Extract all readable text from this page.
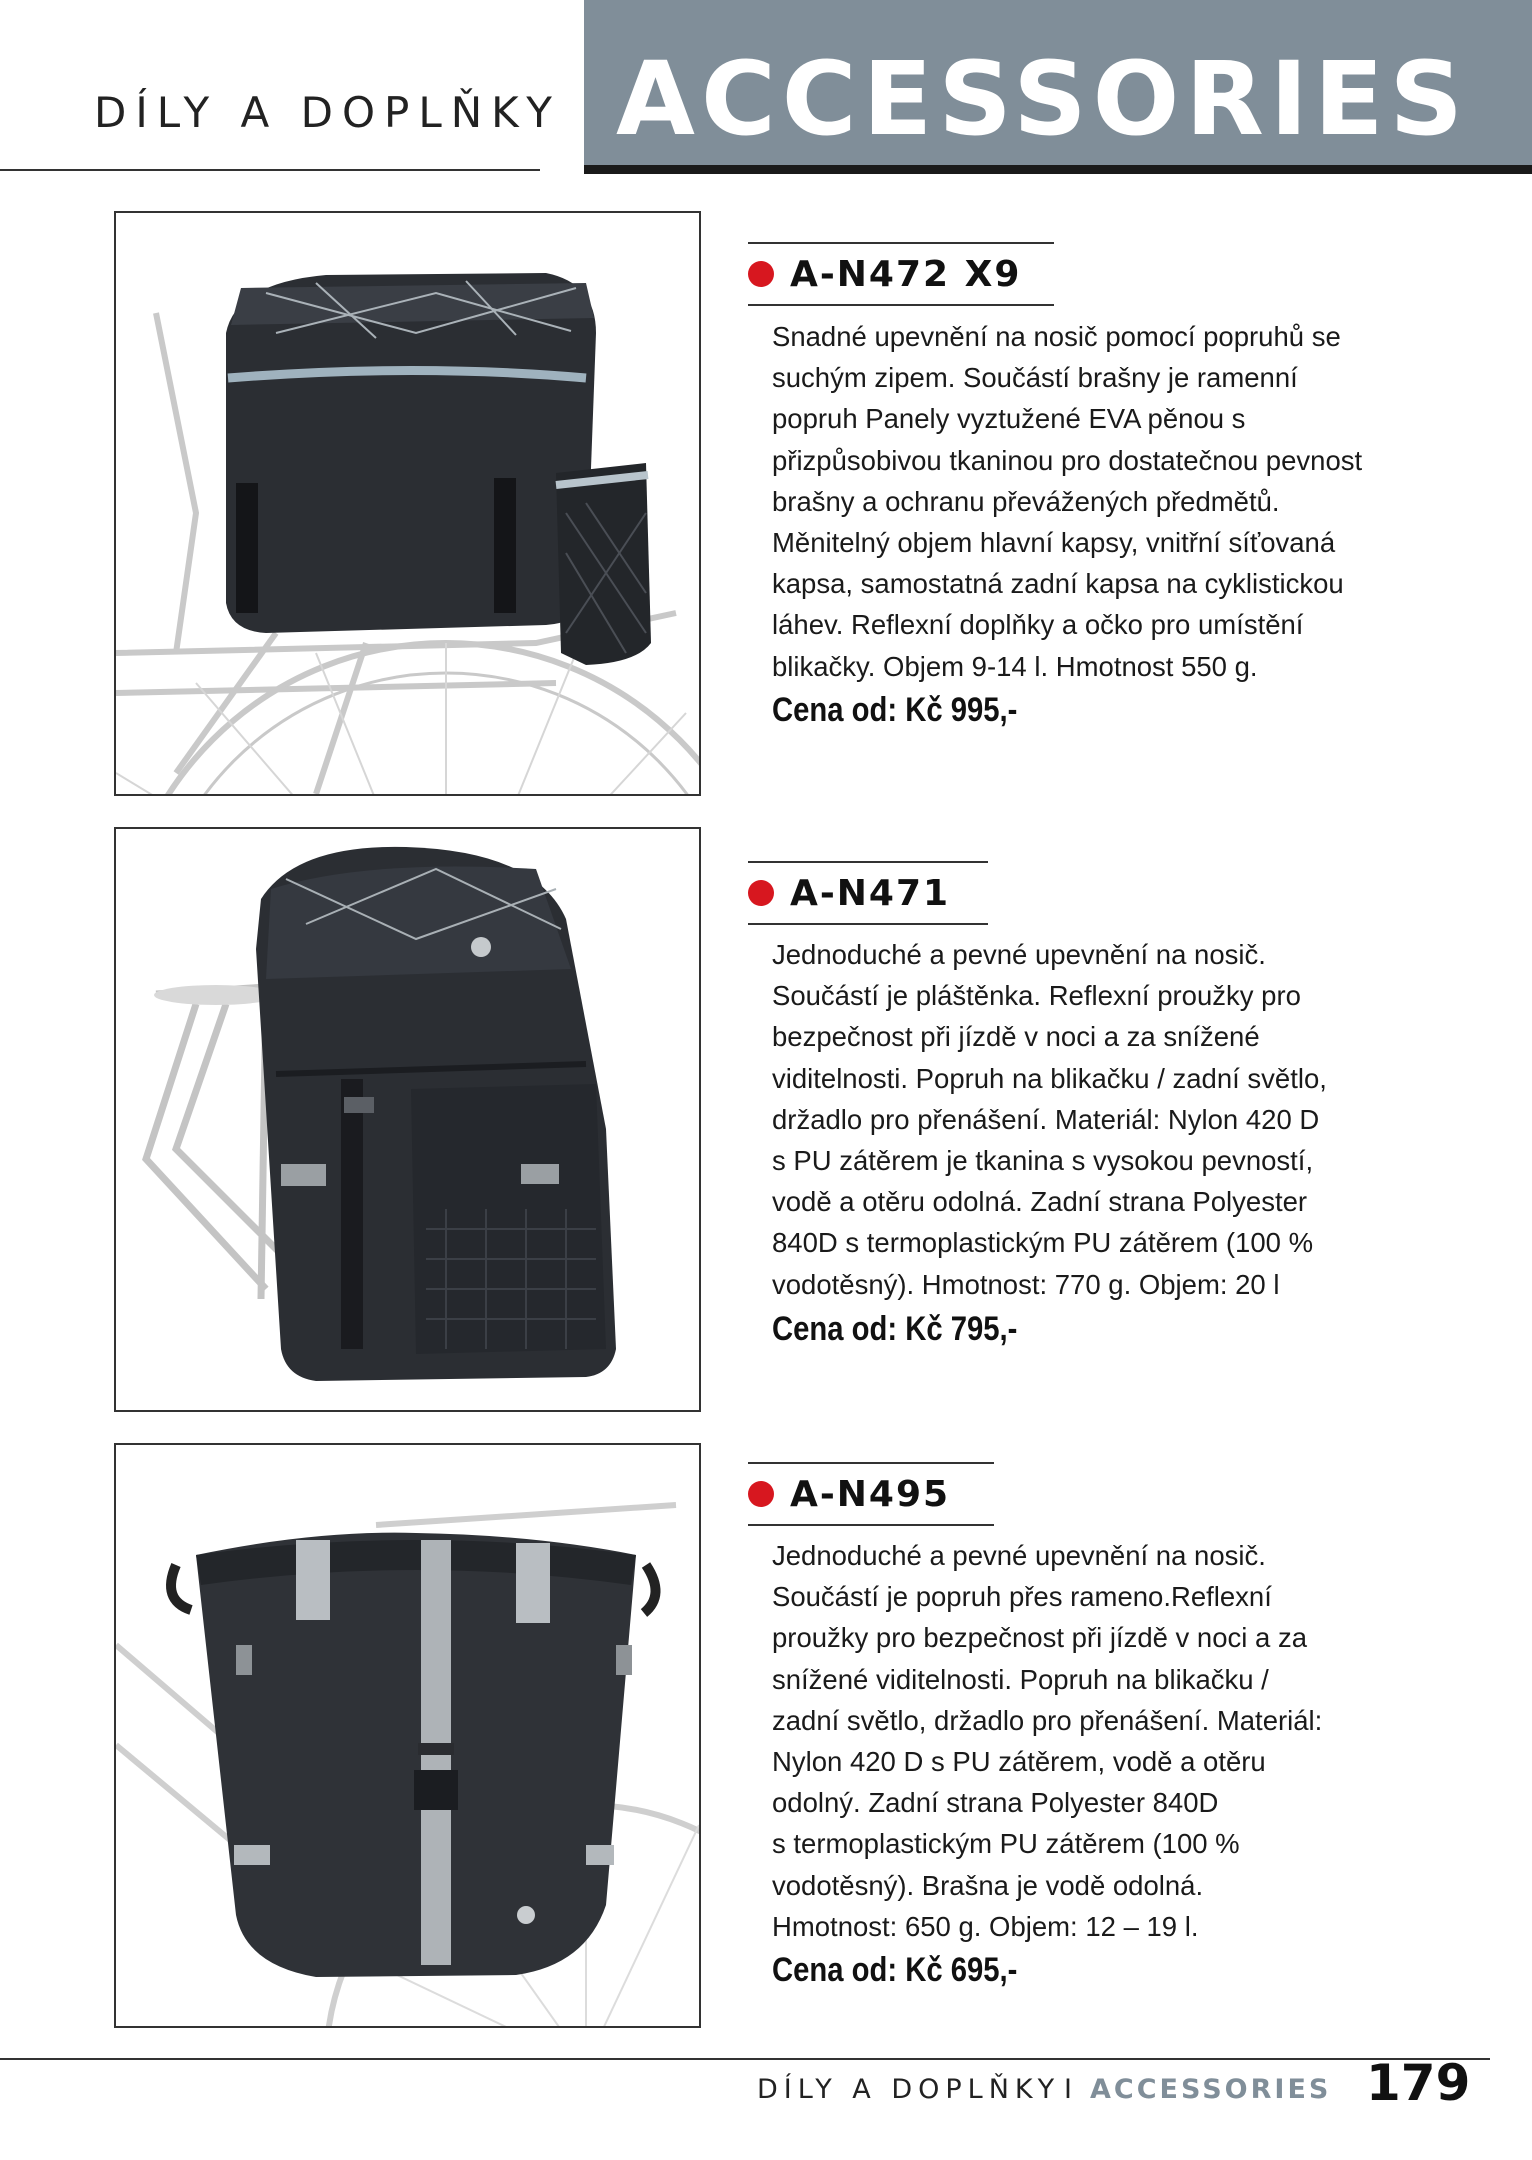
DÍLY A DOPLŇKY ACCESSORIES
A-N472 X9

Snadné upevnění na nosič pomocí popruhů se
suchým zipem. Součástí brašny je ramenní
popruh Panely vyztužené EVA pěnou s
přizpůsobivou tkaninou pro dostatečnou pevnost
brašny a ochranu převážených předmětů.
Měnitelný objem hlavní kapsy, vnitřní síťovaná
kapsa, samostatná zadní kapsa na cyklistickou
láhev. Reflexní doplňky a očko pro umístění
blikačky. Objem 9-14 l. Hmotnost 550 g.

Cena od: Kč 995,-
A-N471

Jednoduché a pevné upevnění na nosič.
Součástí je pláštěnka. Reflexní proužky pro
bezpečnost při jízdě v noci a za snížené
viditelnosti. Popruh na blikačku / zadní světlo,
držadlo pro přenášení. Materiál: Nylon 420 D
s PU zátěrem je tkanina s vysokou pevností,
vodě a otěru odolná. Zadní strana Polyester
840D s termoplastickým PU zátěrem (100 %
vodotěsný). Hmotnost: 770 g. Objem: 20 l

Cena od: Kč 795,-
A-N495

Jednoduché a pevné upevnění na nosič.
Součástí je popruh přes rameno.Reflexní
proužky pro bezpečnost při jízdě v noci a za
snížené viditelnosti. Popruh na blikačku /
zadní světlo, držadlo pro přenášení. Materiál:
Nylon 420 D s PU zátěrem, vodě a otěru
odolný. Zadní strana Polyester 840D
s termoplastickým PU zátěrem (100 %
vodotěsný). Brašna je vodě odolná.
Hmotnost: 650 g. Objem: 12 – 19 l.

Cena od: Kč 695,-
DÍLY A DOPLŇKY I ACCESSORIES 179
